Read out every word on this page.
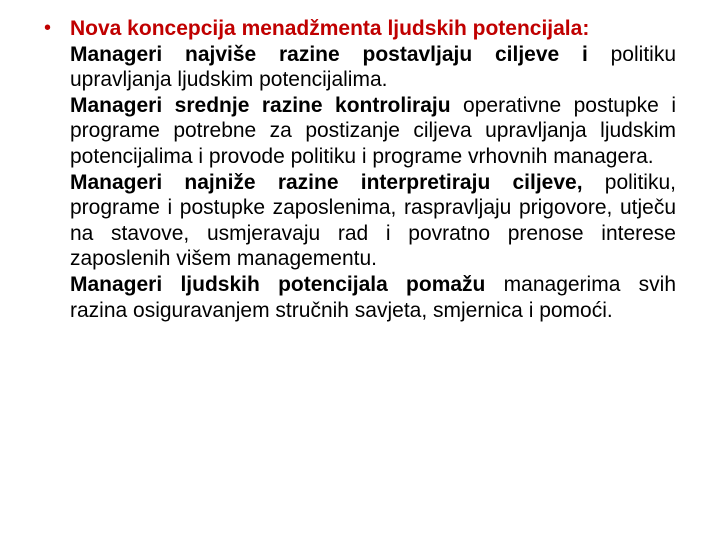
• Nova koncepcija menadžmenta ljudskih potencijala:

Manageri najviše razine postavljaju ciljeve i politiku upravljanja ljudskim potencijalima.

Manageri srednje razine kontroliraju operativne postupke i programe potrebne za postizanje ciljeva upravljanja ljudskim potencijalima i provode politiku i programe vrhovnih managera.

Manageri najniže razine interpretiraju ciljeve, politiku, programe i postupke zaposlenima, raspravljaju prigovore, utječu na stavove, usmjeravaju rad i povratno prenose interese zaposlenih višem managementu.

Manageri ljudskih potencijala pomažu managerima svih razina osiguravanjem stručnih savjeta, smjernica i pomoći.
